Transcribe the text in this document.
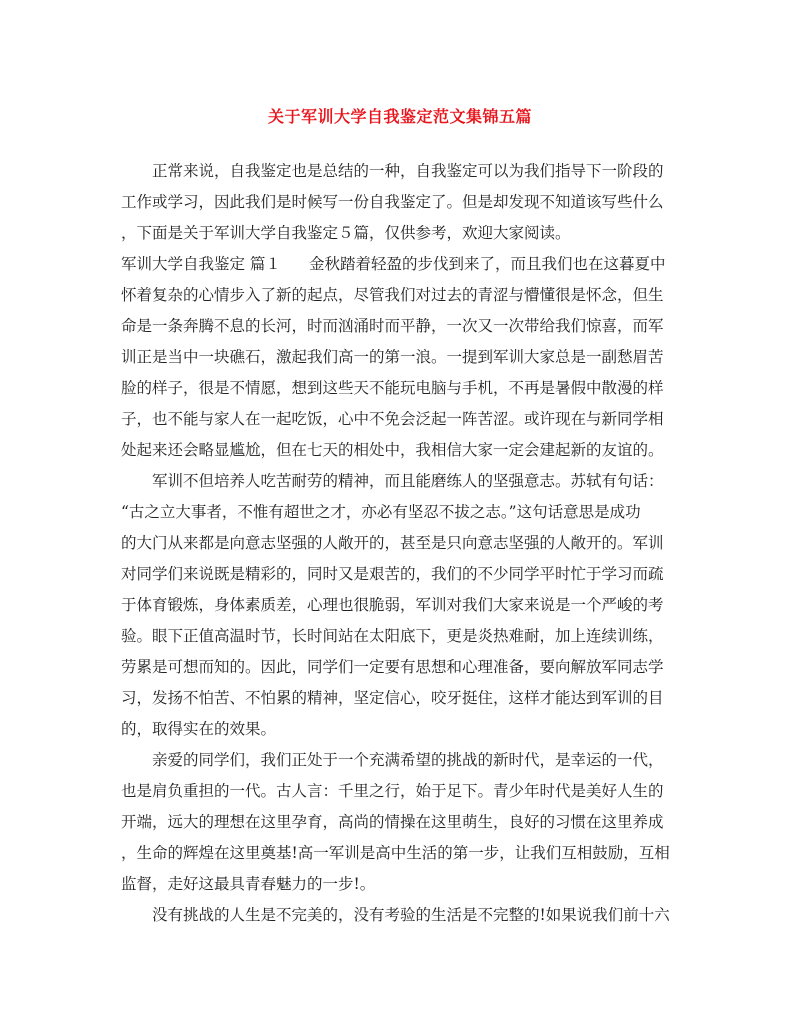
关于军训大学自我鉴定范文集锦五篇
正常来说，自我鉴定也是总结的一种，自我鉴定可以为我们指导下一阶段的
工作或学习，因此我们是时候写一份自我鉴定了。但是却发现不知道该写些什么
，下面是关于军训大学自我鉴定５篇，仅供参考，欢迎大家阅读。
军训大学自我鉴定 篇１ 金秋踏着轻盈的步伐到来了，而且我们也在这暮夏中
怀着复杂的心情步入了新的起点，尽管我们对过去的青涩与懵懂很是怀念，但生
命是一条奔腾不息的长河，时而汹涌时而平静，一次又一次带给我们惊喜，而军
训正是当中一块礁石，激起我们高一的第一浪。一提到军训大家总是一副愁眉苦
脸的样子，很是不情愿，想到这些天不能玩电脑与手机，不再是暑假中散漫的样
子，也不能与家人在一起吃饭，心中不免会泛起一阵苦涩。或许现在与新同学相
处起来还会略显尴尬，但在七天的相处中，我相信大家一定会建起新的友谊的。
军训不但培养人吃苦耐劳的精神，而且能磨练人的坚强意志。苏轼有句话：
“古之立大事者，不惟有超世之才，亦必有坚忍不拔之志。”这句话意思是成功
的大门从来都是向意志坚强的人敞开的，甚至是只向意志坚强的人敞开的。军训
对同学们来说既是精彩的，同时又是艰苦的，我们的不少同学平时忙于学习而疏
于体育锻炼，身体素质差，心理也很脆弱，军训对我们大家来说是一个严峻的考
验。眼下正值高温时节，长时间站在太阳底下，更是炎热难耐，加上连续训练，
劳累是可想而知的。因此，同学们一定要有思想和心理准备，要向解放军同志学
习，发扬不怕苦、不怕累的精神，坚定信心，咬牙挺住，这样才能达到军训的目
的，取得实在的效果。
亲爱的同学们，我们正处于一个充满希望的挑战的新时代，是幸运的一代，
也是肩负重担的一代。古人言：千里之行，始于足下。青少年时代是美好人生的
开端，远大的理想在这里孕育，高尚的情操在这里萌生，良好的习惯在这里养成
，生命的辉煌在这里奠基!高一军训是高中生活的第一步，让我们互相鼓励，互相
监督，走好这最具青春魅力的一步!。
没有挑战的人生是不完美的，没有考验的生活是不完整的!如果说我们前十六
